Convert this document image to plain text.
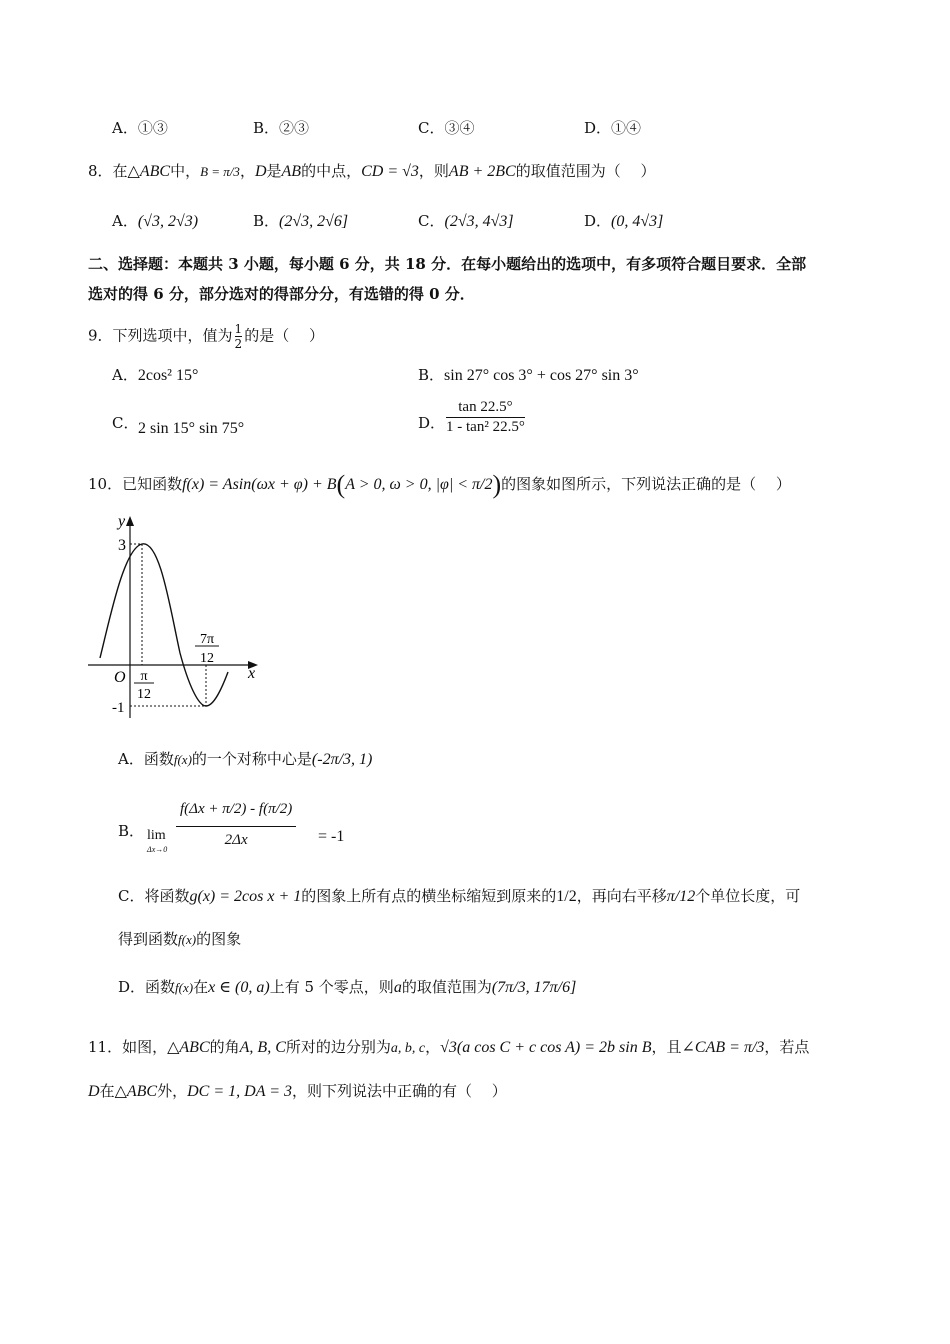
A．①③	B．②③	C．③④	D．①④
8．在△ABC中，B = π/3，D是AB的中点，CD = √3，则AB + 2BC的取值范围为（　 ）
A．(√3, 2√3)	B．(2√3, 2√6]	C．(2√3, 4√3]	D．(0, 4√3]
二、选择题：本题共 3 小题，每小题 6 分，共 18 分．在每小题给出的选项中，有多项符合题目要求．全部
选对的得 6 分，部分选对的得部分分，有选错的得 0 分．
9．下列选项中，值为 $\frac{1}{2}$ 的是（　 ）
A．2cos² 15°	B．sin 27° cos 3° + cos 27° sin 3°
C． 2 sin 15° sin 75°	D．
tan 22.5°
1 - tan² 22.5°
10．已知函数f(x) = Asin(ωx + φ) + B(A > 0, ω > 0, |φ| < π/2)的图象如图所示，下列说法正确的是（　 ）
y
x
O
3
-1
π
12
7π
12
A．函数f(x)的一个对称中心是(-2π/3, 1)
B． lim
Δx→0
f(Δx + π/2) - f(π/2)
2Δx	= -1
C．将函数g(x) = 2cos x + 1的图象上所有点的横坐标缩短到原来的1/2，再向右平移π/12个单位长度，可
得到函数f(x)的图象
D．函数f(x)在x ∈ (0, a)上有 5 个零点，则a的取值范围为(7π/3, 17π/6]
11．如图，△ABC的角A, B, C所对的边分别为a, b, c，√3(a cos C + c cos A) = 2b sin B，且∠CAB = π/3，若点
D在△ABC外，DC = 1, DA = 3，则下列说法中正确的有（　 ）
